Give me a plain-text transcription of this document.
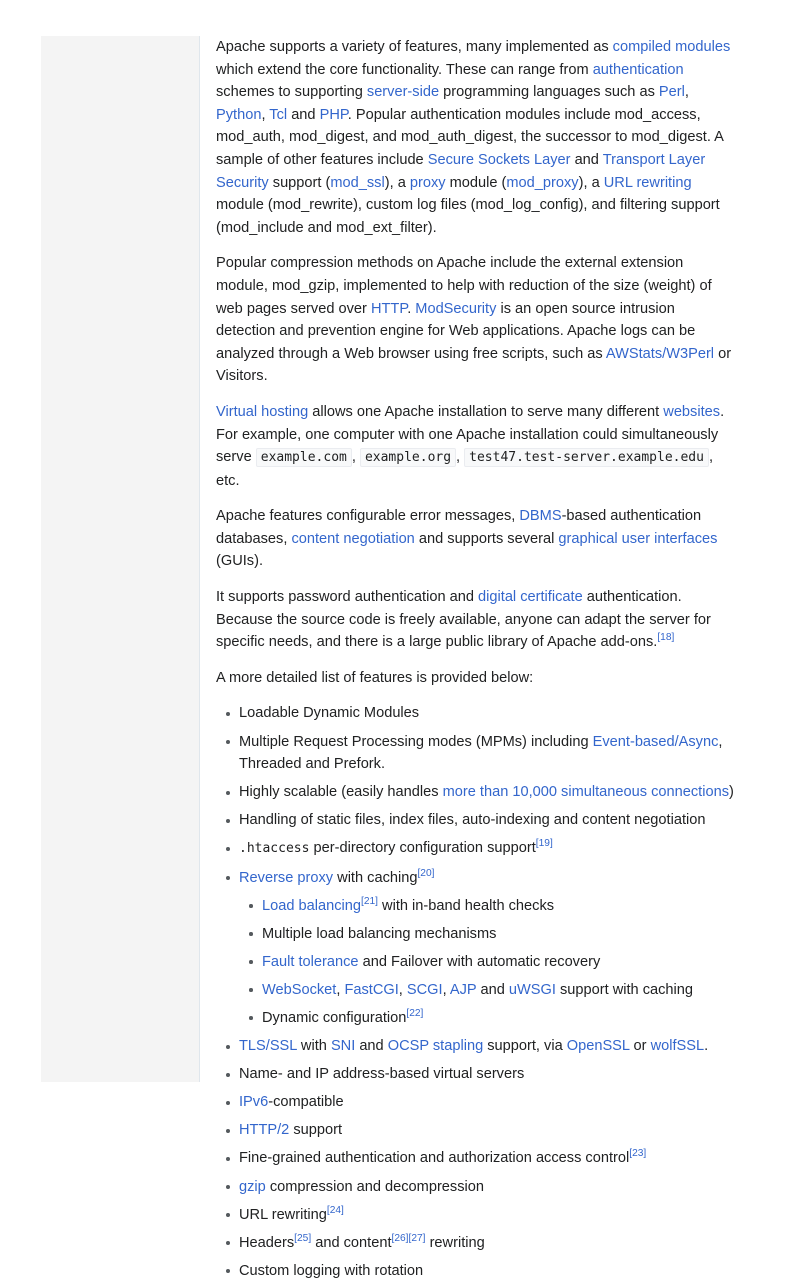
Apache supports a variety of features, many implemented as compiled modules which extend the core functionality. These can range from authentication schemes to supporting server-side programming languages such as Perl, Python, Tcl and PHP. Popular authentication modules include mod_access, mod_auth, mod_digest, and mod_auth_digest, the successor to mod_digest. A sample of other features include Secure Sockets Layer and Transport Layer Security support (mod_ssl), a proxy module (mod_proxy), a URL rewriting module (mod_rewrite), custom log files (mod_log_config), and filtering support (mod_include and mod_ext_filter).

Popular compression methods on Apache include the external extension module, mod_gzip, implemented to help with reduction of the size (weight) of web pages served over HTTP. ModSecurity is an open source intrusion detection and prevention engine for Web applications. Apache logs can be analyzed through a Web browser using free scripts, such as AWStats/W3Perl or Visitors.

Virtual hosting allows one Apache installation to serve many different websites. For example, one computer with one Apache installation could simultaneously serve example.com , example.org , test47.test-server.example.edu , etc.

Apache features configurable error messages, DBMS-based authentication databases, content negotiation and supports several graphical user interfaces (GUIs).

It supports password authentication and digital certificate authentication. Because the source code is freely available, anyone can adapt the server for specific needs, and there is a large public library of Apache add-ons.[18]

A more detailed list of features is provided below:

Loadable Dynamic Modules
Multiple Request Processing modes (MPMs) including Event-based/Async, Threaded and Prefork.
Highly scalable (easily handles more than 10,000 simultaneous connections)
Handling of static files, index files, auto-indexing and content negotiation
.htaccess per-directory configuration support[19]
Reverse proxy with caching[20]
Load balancing[21] with in-band health checks
Multiple load balancing mechanisms
Fault tolerance and Failover with automatic recovery
WebSocket, FastCGI, SCGI, AJP and uWSGI support with caching
Dynamic configuration[22]
TLS/SSL with SNI and OCSP stapling support, via OpenSSL or wolfSSL.
Name- and IP address-based virtual servers
IPv6-compatible
HTTP/2 support
Fine-grained authentication and authorization access control[23]
gzip compression and decompression
URL rewriting[24]
Headers[25] and content[26][27] rewriting
Custom logging with rotation
